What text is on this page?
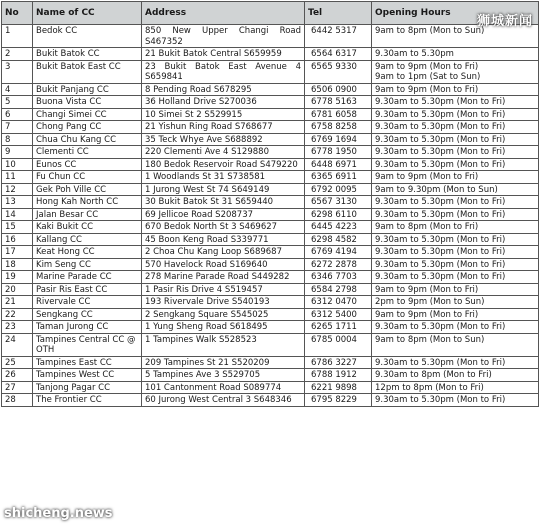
No	Name of CC	Address	Tel	Opening Hours
1	Bedok CC	850 New Upper Changi Road S467352	6442 5317	9am to 8pm (Mon to Sun)
2	Bukit Batok CC	21 Bukit Batok Central S659959	6564 6317	9.30am to 5.30pm
3	Bukit Batok East CC	23 Bukit Batok East Avenue 4 S659841	6565 9330	9am to 9pm (Mon to Fri)
9am to 1pm (Sat to Sun)
4	Bukit Panjang CC	8 Pending Road S678295	6506 0900	9am to 9pm (Mon to Fri)
5	Buona Vista CC	36 Holland Drive S270036	6778 5163	9.30am to 5.30pm (Mon to Fri)
6	Changi Simei CC	10 Simei St 2 S529915	6781 6058	9.30am to 5.30pm (Mon to Fri)
7	Chong Pang CC	21 Yishun Ring Road S768677	6758 8258	9.30am to 5.30pm (Mon to Fri)
8	Chua Chu Kang CC	35 Teck Whye Ave S688892	6769 1694	9.30am to 5.30pm (Mon to Fri)
9	Clementi CC	220 Clementi Ave 4 S129880	6778 1950	9.30am to 5.30pm (Mon to Fri)
10	Eunos CC	180 Bedok Reservoir Road S479220	6448 6971	9.30am to 5.30pm (Mon to Fri)
11	Fu Chun CC	1 Woodlands St 31 S738581	6365 6911	9am to 9pm (Mon to Fri)
12	Gek Poh Ville CC	1 Jurong West St 74 S649149	6792 0095	9am to 9.30pm (Mon to Sun)
13	Hong Kah North CC	30 Bukit Batok St 31 S659440	6567 3130	9.30am to 5.30pm (Mon to Fri)
14	Jalan Besar CC	69 Jellicoe Road S208737	6298 6110	9.30am to 5.30pm (Mon to Fri)
15	Kaki Bukit CC	670 Bedok North St 3 S469627	6445 4223	9am to 8pm (Mon to Fri)
16	Kallang CC	45 Boon Keng Road S339771	6298 4582	9.30am to 5.30pm (Mon to Fri)
17	Keat Hong CC	2 Choa Chu Kang Loop S689687	6769 4194	9.30am to 5.30pm (Mon to Fri)
18	Kim Seng CC	570 Havelock Road S169640	6272 2878	9.30am to 5.30pm (Mon to Fri)
19	Marine Parade CC	278 Marine Parade Road S449282	6346 7703	9.30am to 5.30pm (Mon to Fri)
20	Pasir Ris East CC	1 Pasir Ris Drive 4 S519457	6584 2798	9am to 9pm (Mon to Fri)
21	Rivervale CC	193 Rivervale Drive S540193	6312 0470	2pm to 9pm (Mon to Sun)
22	Sengkang CC	2 Sengkang Square S545025	6312 5400	9am to 9pm (Mon to Fri)
23	Taman Jurong CC	1 Yung Sheng Road S618495	6265 1711	9.30am to 5.30pm (Mon to Fri)
24	Tampines Central CC @ OTH	1 Tampines Walk S528523	6785 0004	9am to 8pm (Mon to Sun)
25	Tampines East CC	209 Tampines St 21 S520209	6786 3227	9.30am to 5.30pm (Mon to Fri)
26	Tampines West CC	5 Tampines Ave 3 S529705	6788 1912	9.30am to 8pm (Mon to Fri)
27	Tanjong Pagar CC	101 Cantonment Road S089774	6221 9898	12pm to 8pm (Mon to Fri)
28	The Frontier CC	60 Jurong West Central 3 S648346	6795 8229	9.30am to 5.30pm (Mon to Fri)
狮城新闻
shicheng.news
